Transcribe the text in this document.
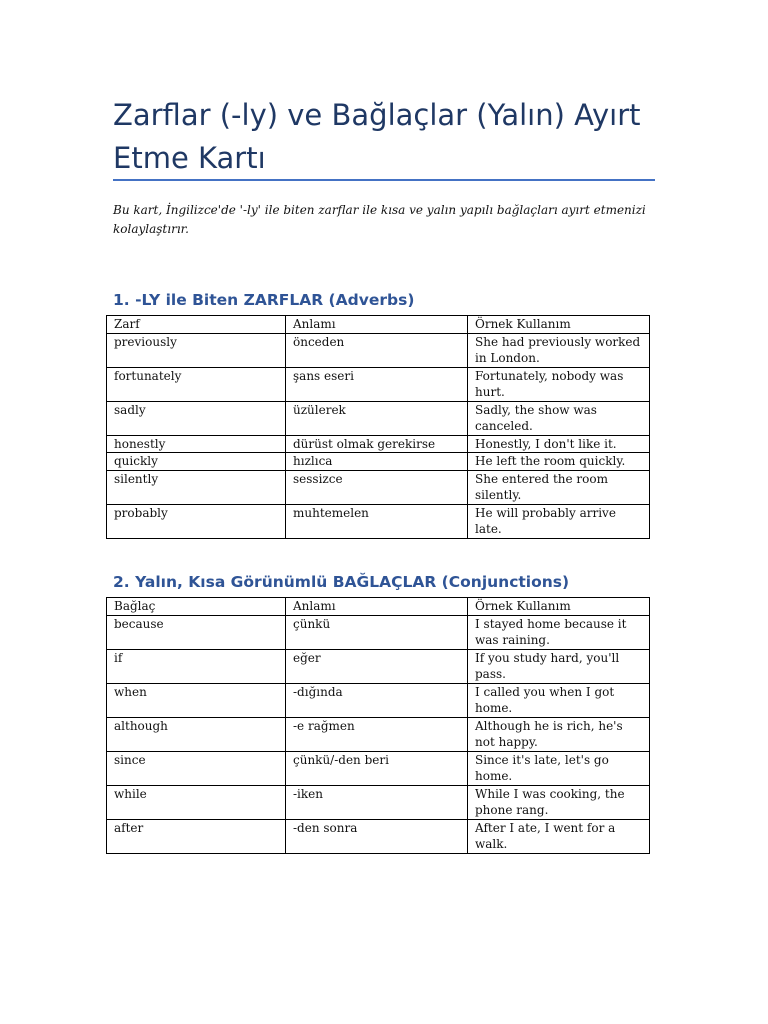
Zarflar (-ly) ve Bağlaçlar (Yalın) Ayırt Etme Kartı

Bu kart, İngilizce'de '-ly' ile biten zarflar ile kısa ve yalın yapılı bağlaçları ayırt etmenizi kolaylaştırır.

1. -LY ile Biten ZARFLAR (Adverbs)
Zarf	Anlamı	Örnek Kullanım
previously	önceden	She had previously worked in London.
fortunately	şans eseri	Fortunately, nobody was hurt.
sadly	üzülerek	Sadly, the show was canceled.
honestly	dürüst olmak gerekirse	Honestly, I don't like it.
quickly	hızlıca	He left the room quickly.
silently	sessizce	She entered the room silently.
probably	muhtemelen	He will probably arrive late.
2. Yalın, Kısa Görünümlü BAĞLAÇLAR (Conjunctions)
Bağlaç	Anlamı	Örnek Kullanım
because	çünkü	I stayed home because it was raining.
if	eğer	If you study hard, you'll pass.
when	-dığında	I called you when I got home.
although	-e rağmen	Although he is rich, he's not happy.
since	çünkü/-den beri	Since it's late, let's go home.
while	-iken	While I was cooking, the phone rang.
after	-den sonra	After I ate, I went for a walk.
